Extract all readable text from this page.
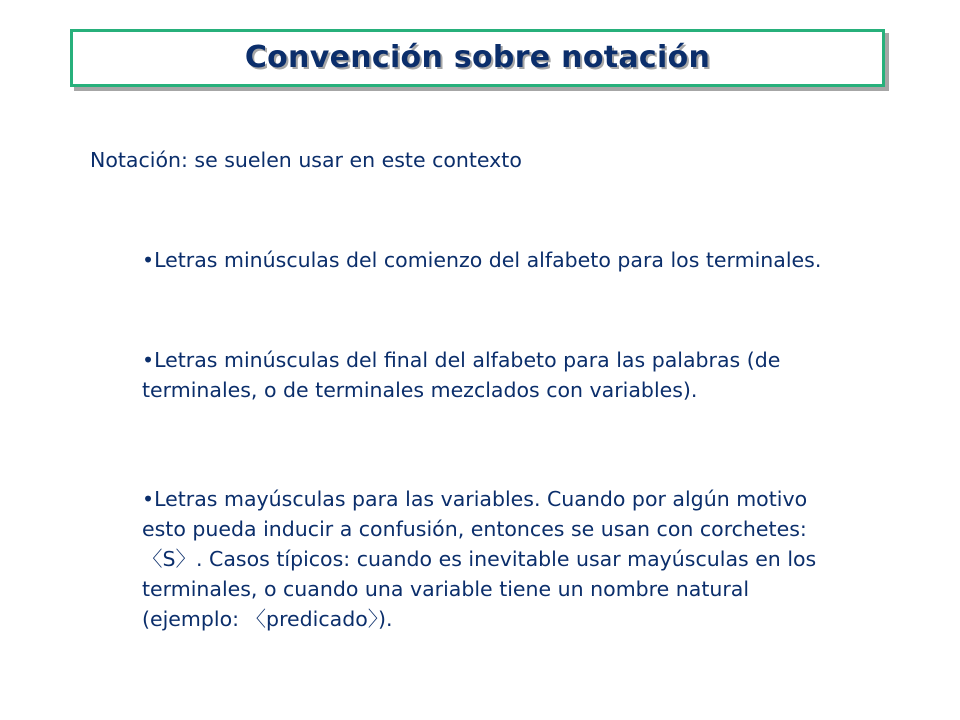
Convención sobre notación

Notación: se suelen usar en este contexto

•Letras minúsculas del comienzo del alfabeto para los terminales.
•Letras minúsculas del final del alfabeto para las palabras (de terminales, o de terminales mezclados con variables).
•Letras mayúsculas para las variables. Cuando por algún motivo esto pueda inducir a confusión, entonces se usan con corchetes: 〈S〉. Casos típicos: cuando es inevitable usar mayúsculas en los terminales, o cuando una variable tiene un nombre natural (ejemplo: 〈predicado〉).
